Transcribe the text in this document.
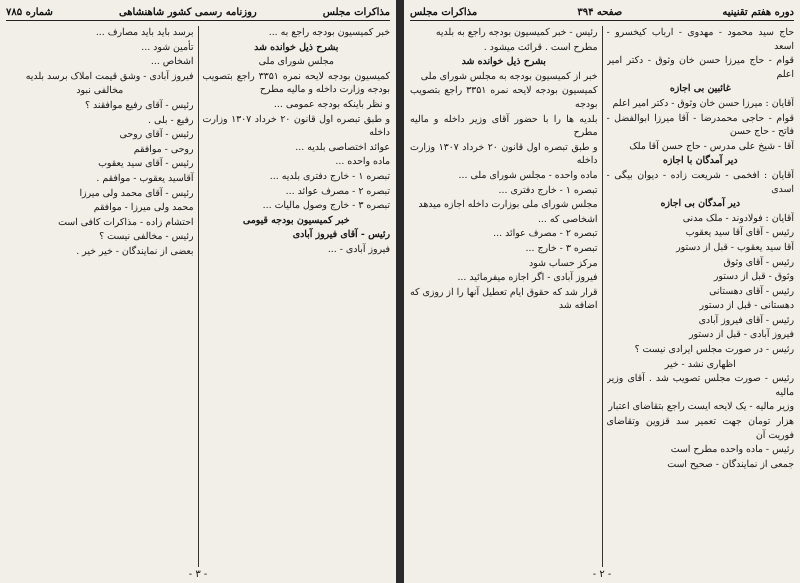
مذاکرات مجلس
روزنامه رسمی کشور شاهنشاهی
شماره ۷۸۵

خبر کمیسیون بودجه راجع به ...

بشرح ذیل خوانده شد

مجلس شورای ملی

کمیسیون بودجه لایحه نمره ۳۳۵۱ راجع بتصویب بودجه وزارت داخله و مالیه مطرح

و نظر باینکه بودجه عمومی ...

و طبق تبصره اول قانون ۲۰ خرداد ۱۳۰۷ وزارت داخله

عوائد اختصاصی بلدیه ...

ماده واحده ...

تبصره ۱ - خارج دفتری بلدیه ...

تبصره ۲ - مصرف عوائد ...

تبصره ۳ - خارج وصول مالیات ...

خبر کمیسیون بودجه قیومی

رئیس - آقای فیروز آبادی

فیروز آبادی - ...

برسد باید باید مصارف ...

تأمین شود ...

اشخاص ...

فیروز آبادی - وشق قیمت املاک برسد بلدیه

مخالفی نبود

رئیس - آقای رفیع موافقند ؟

رفیع - بلی .

رئیس - آقای روحی

روحی - موافقم

رئیس - آقای سید یعقوب

آقاسید یعقوب - موافقم .

رئیس - آقای محمد ولی میرزا

محمد ولی میرزا - موافقم

احتشام زاده - مذاکرات کافی است

رئیس - مخالفی نیست ؟

بعضی از نمایندگان - خیر خیر .

- ٣ -
دوره هفتم تقنینیه
صفحه ۳۹۴
مذاکرات مجلس

حاج سید محمود - مهدوی - ارباب کیخسرو - اسعد

قوام - حاج میرزا حسن خان وثوق - دکتر امیر اعلم

غائبین بی اجازه

آقایان : میرزا حسن خان وثوق - دکتر امیر اعلم

قوام - حاجی محمدرضا - آقا میرزا ابوالفضل - فاتح - حاج حسن

آقا - شیخ علی مدرس - حاج حسن آقا ملک

دیر آمدگان با اجازه

آقایان : افخمی - شریعت زاده - دیوان بیگی - اسدی

دیر آمدگان بی اجازه

آقایان : فولادوند - ملک مدنی

رئیس - آقای آقا سید یعقوب

آقا سید یعقوب - قبل از دستور

رئیس - آقای وثوق

وثوق - قبل از دستور

رئیس - آقای دهستانی

دهستانی - قبل از دستور

رئیس - آقای فیروز آبادی

فیروز آبادی - قبل از دستور

رئیس - در صورت مجلس ایرادی نیست ؟

اظهاری نشد - خیر

رئیس - صورت مجلس تصویب شد . آقای وزیر مالیه

وزیر مالیه - یک لایحه ایست راجع بتقاضای اعتبار

هزار تومان جهت تعمیر سد قزوین وتقاضای فوریت آن

رئیس - ماده واحده مطرح است

جمعی از نمایندگان - صحیح است

رئیس - خبر کمیسیون بودجه راجع به بلدیه

مطرح است . قرائت میشود .

بشرح ذیل خوانده شد

خبر از کمیسیون بودجه به مجلس شورای ملی

کمیسیون بودجه لایحه نمره ۳۳۵۱ راجع بتصویب بودجه

بلدیه ها را با حضور آقای وزیر داخله و مالیه مطرح

و طبق تبصره اول قانون ۲۰ خرداد ۱۳۰۷ وزارت داخله

ماده واحده - مجلس شورای ملی ...

تبصره ۱ - خارج دفتری ...

مجلس شورای ملی بوزارت داخله اجازه میدهد

اشخاصی که ...

تبصره ۲ - مصرف عوائد ...

تبصره ۳ - خارج ...

مرکز حساب شود

فیروز آبادی - اگر اجازه میفرمائید ...

قرار شد که حقوق ایام تعطیل آنها را از روزی که اضافه شد

- ٢ -
